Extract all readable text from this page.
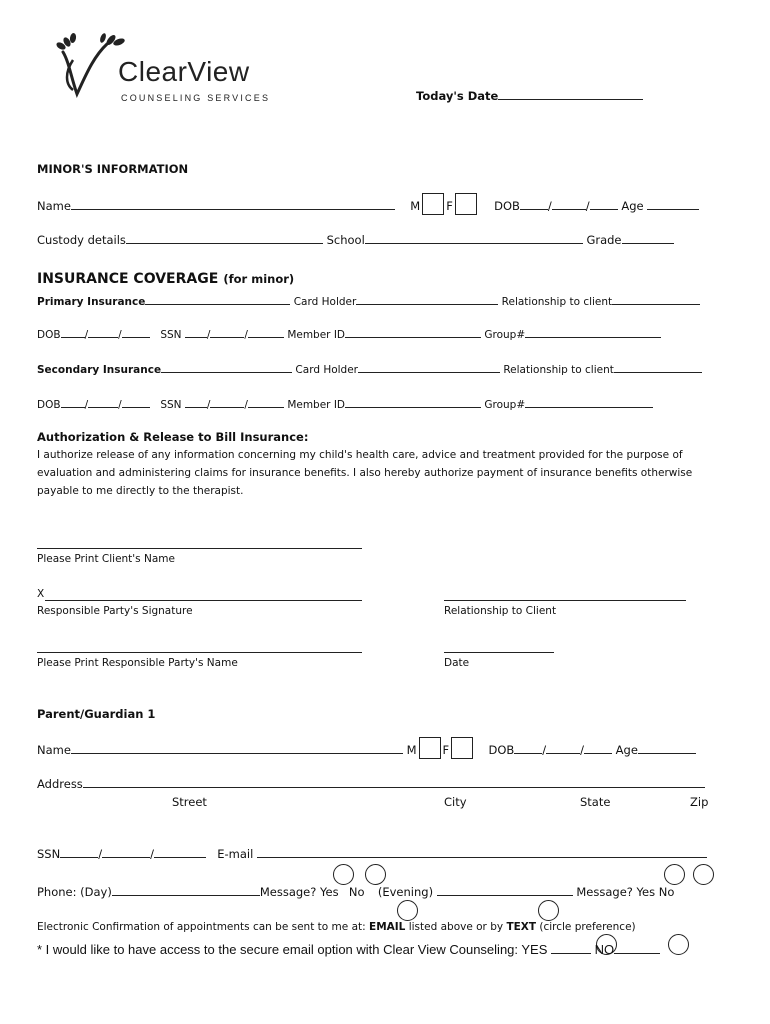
ClearView
COUNSELING SERVICES	Today's Date
MINOR'S INFORMATION
Name	M F	DOB /	/	Age
Custody details	School	Grade
INSURANCE COVERAGE (for minor)
Primary Insurance	Card Holder	Relationship to client
DOB /	/	SSN /	/	Member ID	Group#
Secondary Insurance	Card Holder	Relationship to client
DOB /	/	SSN /	/	Member ID	Group#
Authorization & Release to Bill Insurance:
I authorize release of any information concerning my child's health care, advice and treatment provided for the purpose of
evaluation and administering claims for insurance benefits. I also hereby authorize payment of insurance benefits otherwise
payable to me directly to the therapist.
Please Print Client's Name
X
Responsible Party's Signature	Relationship to Client
Please Print Responsible Party's Name	Date
Parent/Guardian 1
Name	M F	DOB /	/	Age
Address
Street	City	State	Zip
SSN	/	/	E-mail
Phone: (Day)	Message? Yes No (Evening)	Message? Yes No
Electronic Confirmation of appointments can be sent to me at: EMAIL listed above or by TEXT (circle preference)
* I would like to have access to the secure email option with Clear View Counseling: YES	NO
